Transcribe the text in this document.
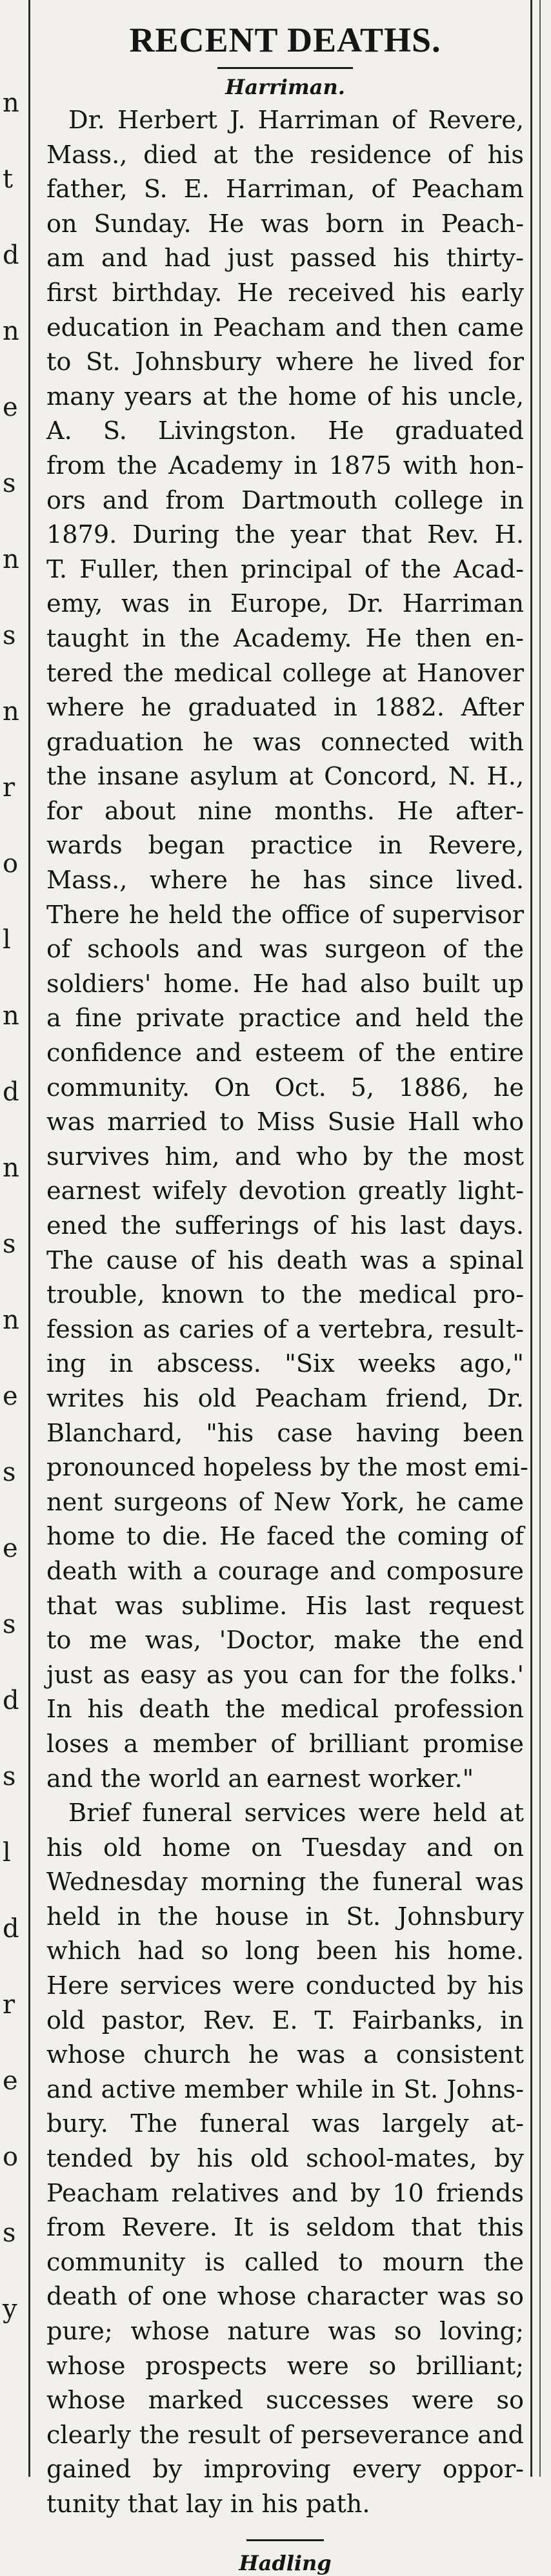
n
t
d
n
e
s
n
s
n
r
o
l
n
d
n
s
n
e
s
e
s
d
s
l
d
r
e
o
s
y
RECENT DEATHS.
Harriman.
Dr. Herbert J. Harriman of Revere,
Mass., died at the residence of his
father, S. E. Harriman, of Peacham
on Sunday. He was born in Peach-
am and had just passed his thirty-
first birthday. He received his early
education in Peacham and then came
to St. Johnsbury where he lived for
many years at the home of his uncle,
A. S. Livingston. He graduated
from the Academy in 1875 with hon-
ors and from Dartmouth college in
1879. During the year that Rev. H.
T. Fuller, then principal of the Acad-
emy, was in Europe, Dr. Harriman
taught in the Academy. He then en-
tered the medical college at Hanover
where he graduated in 1882. After
graduation he was connected with
the insane asylum at Concord, N. H.,
for about nine months. He after-
wards began practice in Revere,
Mass., where he has since lived.
There he held the office of supervisor
of schools and was surgeon of the
soldiers' home. He had also built up
a fine private practice and held the
confidence and esteem of the entire
community. On Oct. 5, 1886, he
was married to Miss Susie Hall who
survives him, and who by the most
earnest wifely devotion greatly light-
ened the sufferings of his last days.
The cause of his death was a spinal
trouble, known to the medical pro-
fession as caries of a vertebra, result-
ing in abscess. "Six weeks ago,"
writes his old Peacham friend, Dr.
Blanchard, "his case having been
pronounced hopeless by the most emi-
nent surgeons of New York, he came
home to die. He faced the coming of
death with a courage and composure
that was sublime. His last request
to me was, 'Doctor, make the end
just as easy as you can for the folks.'
In his death the medical profession
loses a member of brilliant promise
and the world an earnest worker."
Brief funeral services were held at
his old home on Tuesday and on
Wednesday morning the funeral was
held in the house in St. Johnsbury
which had so long been his home.
Here services were conducted by his
old pastor, Rev. E. T. Fairbanks, in
whose church he was a consistent
and active member while in St. Johns-
bury. The funeral was largely at-
tended by his old school-mates, by
Peacham relatives and by 10 friends
from Revere. It is seldom that this
community is called to mourn the
death of one whose character was so
pure; whose nature was so loving;
whose prospects were so brilliant;
whose marked successes were so
clearly the result of perseverance and
gained by improving every oppor-
tunity that lay in his path.
Hadling
